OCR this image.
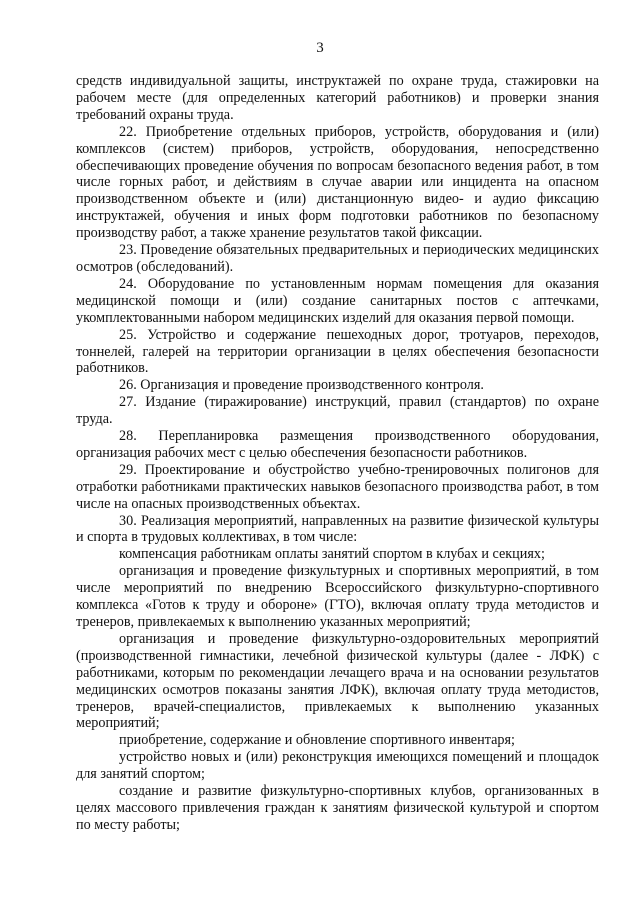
3

средств индивидуальной защиты, инструктажей по охране труда, стажировки на рабочем месте (для определенных категорий работников) и проверки знания требований охраны труда.

22. Приобретение отдельных приборов, устройств, оборудования и (или) комплексов (систем) приборов, устройств, оборудования, непосредственно обеспечивающих проведение обучения по вопросам безопасного ведения работ, в том числе горных работ, и действиям в случае аварии или инцидента на опасном производственном объекте и (или) дистанционную видео- и аудио фиксацию инструктажей, обучения и иных форм подготовки работников по безопасному производству работ, а также хранение результатов такой фиксации.

23. Проведение обязательных предварительных и периодических медицинских осмотров (обследований).

24. Оборудование по установленным нормам помещения для оказания медицинской помощи и (или) создание санитарных постов с аптечками, укомплектованными набором медицинских изделий для оказания первой помощи.

25. Устройство и содержание пешеходных дорог, тротуаров, переходов, тоннелей, галерей на территории организации в целях обеспечения безопасности работников.

26. Организация и проведение производственного контроля.

27. Издание (тиражирование) инструкций, правил (стандартов) по охране труда.

28. Перепланировка размещения производственного оборудования, организация рабочих мест с целью обеспечения безопасности работников.

29. Проектирование и обустройство учебно-тренировочных полигонов для отработки работниками практических навыков безопасного производства работ, в том числе на опасных производственных объектах.

30. Реализация мероприятий, направленных на развитие физической культуры и спорта в трудовых коллективах, в том числе:

компенсация работникам оплаты занятий спортом в клубах и секциях;

организация и проведение физкультурных и спортивных мероприятий, в том числе мероприятий по внедрению Всероссийского физкультурно-спортивного комплекса «Готов к труду и обороне» (ГТО), включая оплату труда методистов и тренеров, привлекаемых к выполнению указанных мероприятий;

организация и проведение физкультурно-оздоровительных мероприятий (производственной гимнастики, лечебной физической культуры (далее - ЛФК) с работниками, которым по рекомендации лечащего врача и на основании результатов медицинских осмотров показаны занятия ЛФК), включая оплату труда методистов, тренеров, врачей-специалистов, привлекаемых к выполнению указанных мероприятий;

приобретение, содержание и обновление спортивного инвентаря;

устройство новых и (или) реконструкция имеющихся помещений и площадок для занятий спортом;

создание и развитие физкультурно-спортивных клубов, организованных в целях массового привлечения граждан к занятиям физической культурой и спортом по месту работы;
